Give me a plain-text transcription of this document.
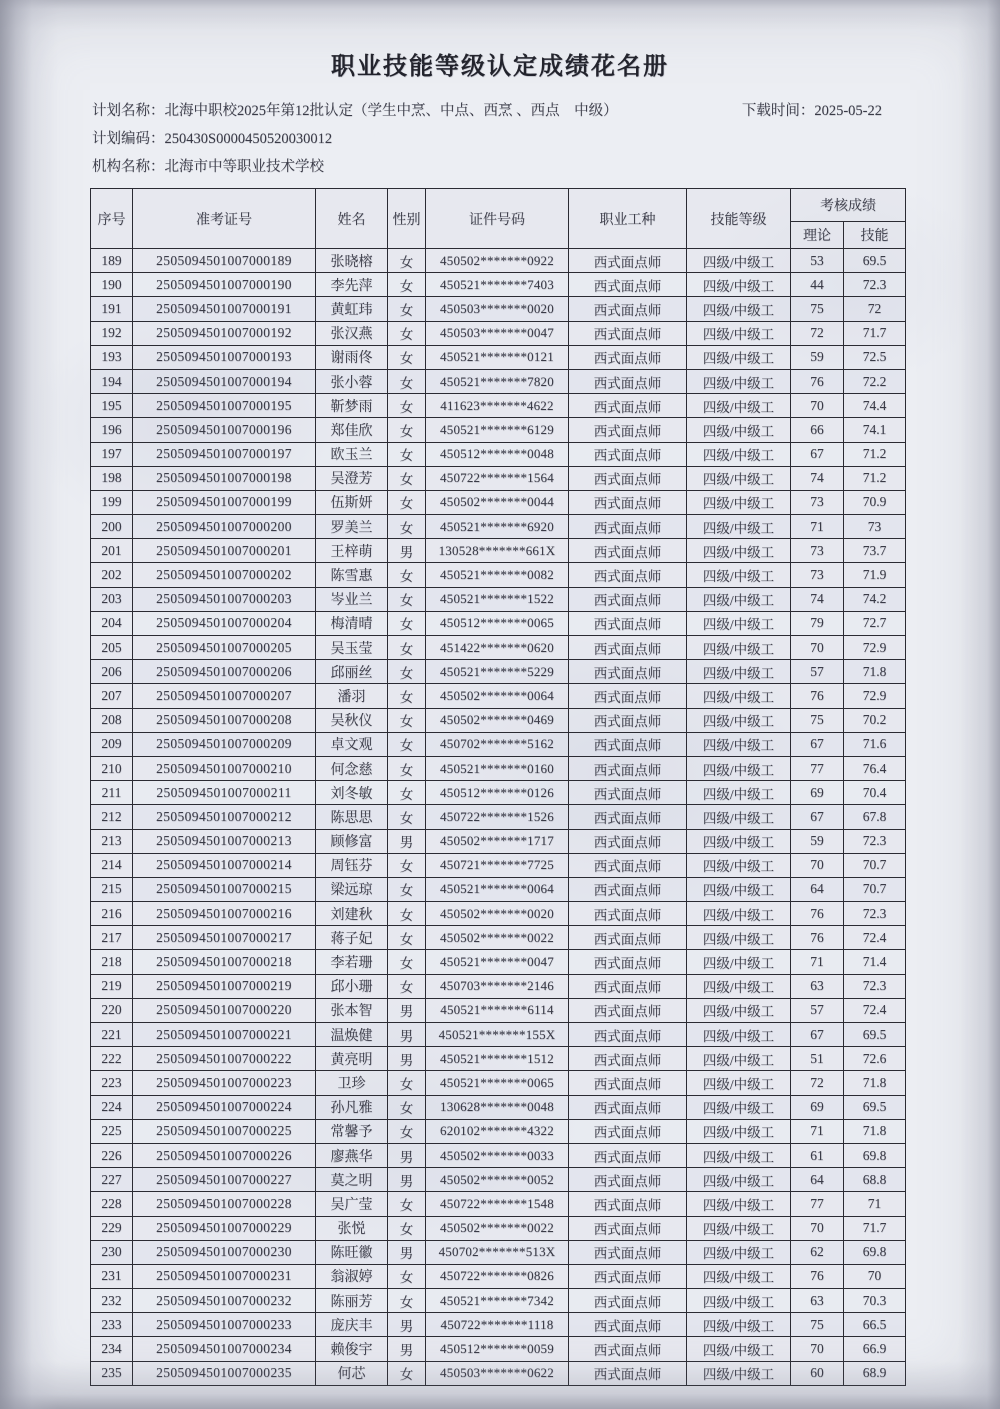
职业技能等级认定成绩花名册
计划名称：北海中职校2025年第12批认定（学生中烹、中点、西烹 、西点　中级）	下载时间：2025-05-22
计划编码：250430S0000450520030012
机构名称：北海市中等职业技术学校
序号	准考证号	姓名	性别	证件号码	职业工种	技能等级	考核成绩	
							理论	技能
189	2505094501007000189	张晓榕	女	450502*******0922	西式面点师	四级/中级工	53	69.5
190	2505094501007000190	李先萍	女	450521*******7403	西式面点师	四级/中级工	44	72.3
191	2505094501007000191	黄虹玮	女	450503*******0020	西式面点师	四级/中级工	75	72
192	2505094501007000192	张汉燕	女	450503*******0047	西式面点师	四级/中级工	72	71.7
193	2505094501007000193	谢雨佟	女	450521*******0121	西式面点师	四级/中级工	59	72.5
194	2505094501007000194	张小蓉	女	450521*******7820	西式面点师	四级/中级工	76	72.2
195	2505094501007000195	靳梦雨	女	411623*******4622	西式面点师	四级/中级工	70	74.4
196	2505094501007000196	郑佳欣	女	450521*******6129	西式面点师	四级/中级工	66	74.1
197	2505094501007000197	欧玉兰	女	450512*******0048	西式面点师	四级/中级工	67	71.2
198	2505094501007000198	吴澄芳	女	450722*******1564	西式面点师	四级/中级工	74	71.2
199	2505094501007000199	伍斯妍	女	450502*******0044	西式面点师	四级/中级工	73	70.9
200	2505094501007000200	罗美兰	女	450521*******6920	西式面点师	四级/中级工	71	73
201	2505094501007000201	王梓萌	男	130528*******661X	西式面点师	四级/中级工	73	73.7
202	2505094501007000202	陈雪惠	女	450521*******0082	西式面点师	四级/中级工	73	71.9
203	2505094501007000203	岑业兰	女	450521*******1522	西式面点师	四级/中级工	74	74.2
204	2505094501007000204	梅清晴	女	450512*******0065	西式面点师	四级/中级工	79	72.7
205	2505094501007000205	吴玉莹	女	451422*******0620	西式面点师	四级/中级工	70	72.9
206	2505094501007000206	邱丽丝	女	450521*******5229	西式面点师	四级/中级工	57	71.8
207	2505094501007000207	潘羽	女	450502*******0064	西式面点师	四级/中级工	76	72.9
208	2505094501007000208	吴秋仪	女	450502*******0469	西式面点师	四级/中级工	75	70.2
209	2505094501007000209	卓文观	女	450702*******5162	西式面点师	四级/中级工	67	71.6
210	2505094501007000210	何念慈	女	450521*******0160	西式面点师	四级/中级工	77	76.4
211	2505094501007000211	刘冬敏	女	450512*******0126	西式面点师	四级/中级工	69	70.4
212	2505094501007000212	陈思思	女	450722*******1526	西式面点师	四级/中级工	67	67.8
213	2505094501007000213	顾修富	男	450502*******1717	西式面点师	四级/中级工	59	72.3
214	2505094501007000214	周钰芬	女	450721*******7725	西式面点师	四级/中级工	70	70.7
215	2505094501007000215	梁远琼	女	450521*******0064	西式面点师	四级/中级工	64	70.7
216	2505094501007000216	刘建秋	女	450502*******0020	西式面点师	四级/中级工	76	72.3
217	2505094501007000217	蒋子妃	女	450502*******0022	西式面点师	四级/中级工	76	72.4
218	2505094501007000218	李若珊	女	450521*******0047	西式面点师	四级/中级工	71	71.4
219	2505094501007000219	邱小珊	女	450703*******2146	西式面点师	四级/中级工	63	72.3
220	2505094501007000220	张本智	男	450521*******6114	西式面点师	四级/中级工	57	72.4
221	2505094501007000221	温焕健	男	450521*******155X	西式面点师	四级/中级工	67	69.5
222	2505094501007000222	黄亮明	男	450521*******1512	西式面点师	四级/中级工	51	72.6
223	2505094501007000223	卫珍	女	450521*******0065	西式面点师	四级/中级工	72	71.8
224	2505094501007000224	孙凡雅	女	130628*******0048	西式面点师	四级/中级工	69	69.5
225	2505094501007000225	常馨予	女	620102*******4322	西式面点师	四级/中级工	71	71.8
226	2505094501007000226	廖燕华	男	450502*******0033	西式面点师	四级/中级工	61	69.8
227	2505094501007000227	莫之明	男	450502*******0052	西式面点师	四级/中级工	64	68.8
228	2505094501007000228	吴广莹	女	450722*******1548	西式面点师	四级/中级工	77	71
229	2505094501007000229	张悦	女	450502*******0022	西式面点师	四级/中级工	70	71.7
230	2505094501007000230	陈旺徽	男	450702*******513X	西式面点师	四级/中级工	62	69.8
231	2505094501007000231	翁淑婷	女	450722*******0826	西式面点师	四级/中级工	76	70
232	2505094501007000232	陈丽芳	女	450521*******7342	西式面点师	四级/中级工	63	70.3
233	2505094501007000233	庞庆丰	男	450722*******1118	西式面点师	四级/中级工	75	66.5
234	2505094501007000234	赖俊宇	男	450512*******0059	西式面点师	四级/中级工	70	66.9
235	2505094501007000235	何芯	女	450503*******0622	西式面点师	四级/中级工	60	68.9
